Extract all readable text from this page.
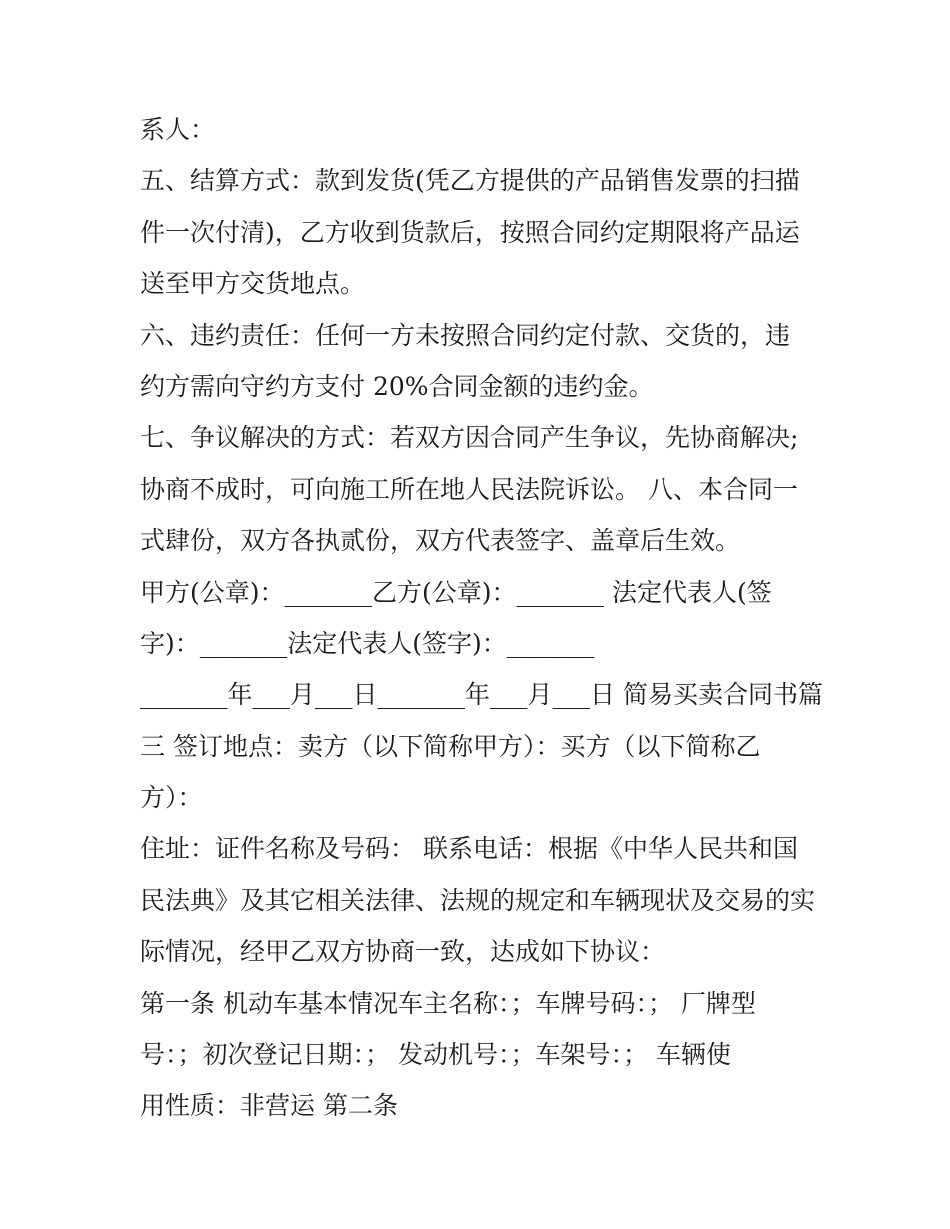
系人：
五、结算方式：款到发货(凭乙方提供的产品销售发票的扫描
件一次付清)，乙方收到货款后，按照合同约定期限将产品运
送至甲方交货地点。
六、违约责任：任何一方未按照合同约定付款、交货的，违
约方需向守约方支付 20%合同金额的违约金。
七、争议解决的方式：若双方因合同产生争议，先协商解决;
协商不成时，可向施工所在地人民法院诉讼。 八、本合同一
式肆份，双方各执贰份，双方代表签字、盖章后生效。
甲方(公章)：_______乙方(公章)：_______ 法定代表人(签
字)：_______法定代表人(签字)：_______
_______年___月___日_______年___月___日 简易买卖合同书篇
三 签订地点：卖方（以下简称甲方）：买方（以下简称乙
方）：
住址：证件名称及号码： 联系电话：根据《中华人民共和国
民法典》及其它相关法律、法规的规定和车辆现状及交易的实
际情况，经甲乙双方协商一致，达成如下协议：
第一条 机动车基本情况车主名称：；车牌号码：； 厂牌型
号：；初次登记日期：； 发动机号：；车架号：； 车辆使
用性质：非营运 第二条
